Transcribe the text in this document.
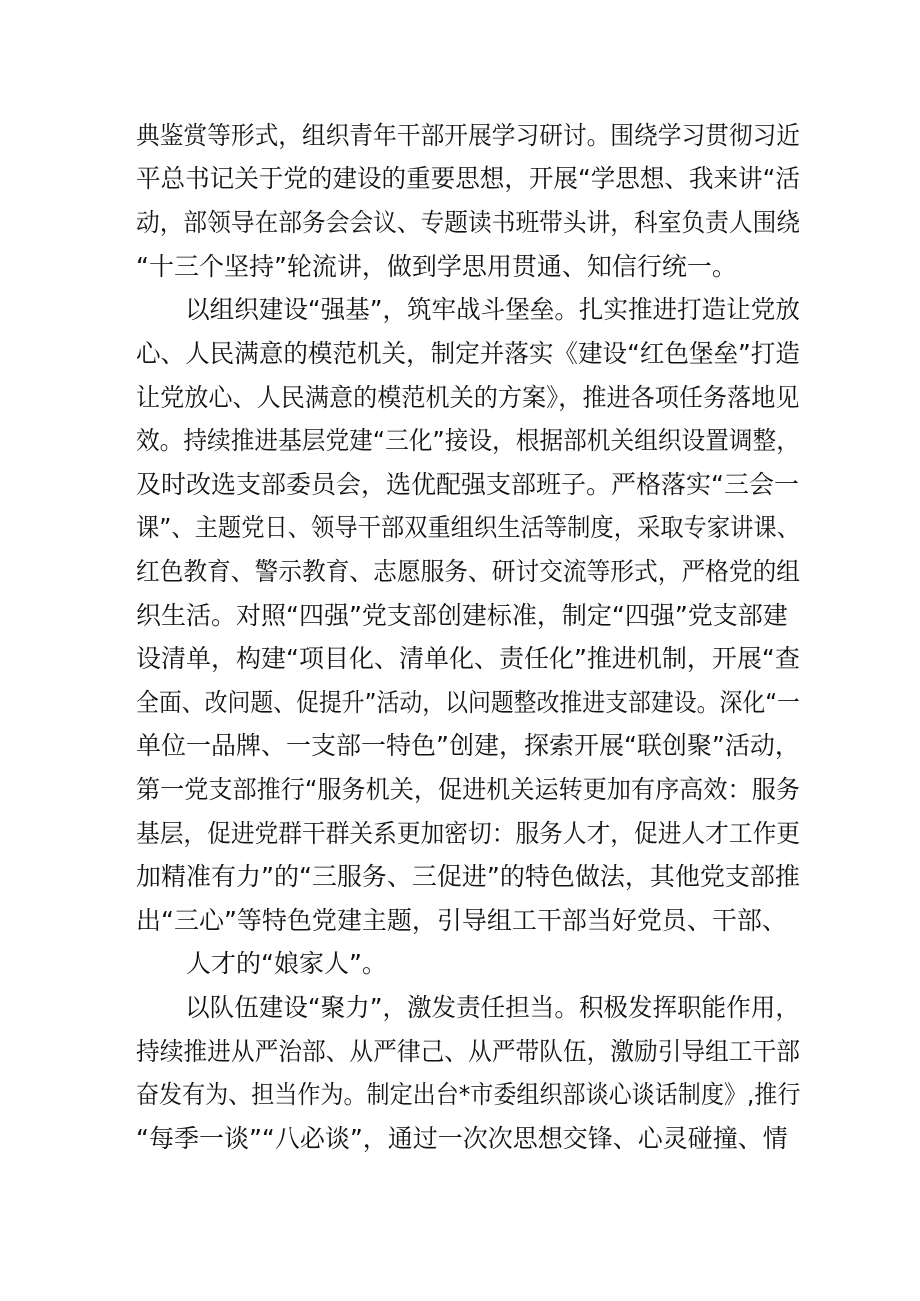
典鉴赏等形式，组织青年干部开展学习研讨。围绕学习贯彻习近
平总书记关于党的建设的重要思想，开展“学思想、我来讲“活
动，部领导在部务会会议、专题读书班带头讲，科室负责人围绕
“十三个坚持”轮流讲，做到学思用贯通、知信行统一。
　　以组织建设“强基”，筑牢战斗堡垒。扎实推进打造让党放
心、人民满意的模范机关，制定并落实《建设“红色堡垒”打造
让党放心、人民满意的模范机关的方案》，推进各项任务落地见
效。持续推进基层党建“三化”接设，根据部机关组织设置调整，
及时改选支部委员会，选优配强支部班子。严格落实“三会一
课”、主题党日、领导干部双重组织生活等制度，采取专家讲课、
红色教育、警示教育、志愿服务、研讨交流等形式，严格党的组
织生活。对照“四强”党支部创建标准，制定“四强”党支部建
设清单，构建“项目化、清单化、责任化”推进机制，开展“查
全面、改问题、促提升”活动，以问题整改推进支部建设。深化“一
单位一品牌、一支部一特色”创建，探索开展“联创聚”活动，
第一党支部推行“服务机关，促进机关运转更加有序高效：服务
基层，促进党群干群关系更加密切：服务人才，促进人才工作更
加精准有力”的“三服务、三促进”的特色做法，其他党支部推
出“三心”等特色党建主题，引导组工干部当好党员、干部、
　　人才的“娘家人”。
　　以队伍建设“聚力”，激发责任担当。积极发挥职能作用，
持续推进从严治部、从严律己、从严带队伍，激励引导组工干部
奋发有为、担当作为。制定出台*市委组织部谈心谈话制度》,推行
“每季一谈”“八必谈”，通过一次次思想交锋、心灵碰撞、情
